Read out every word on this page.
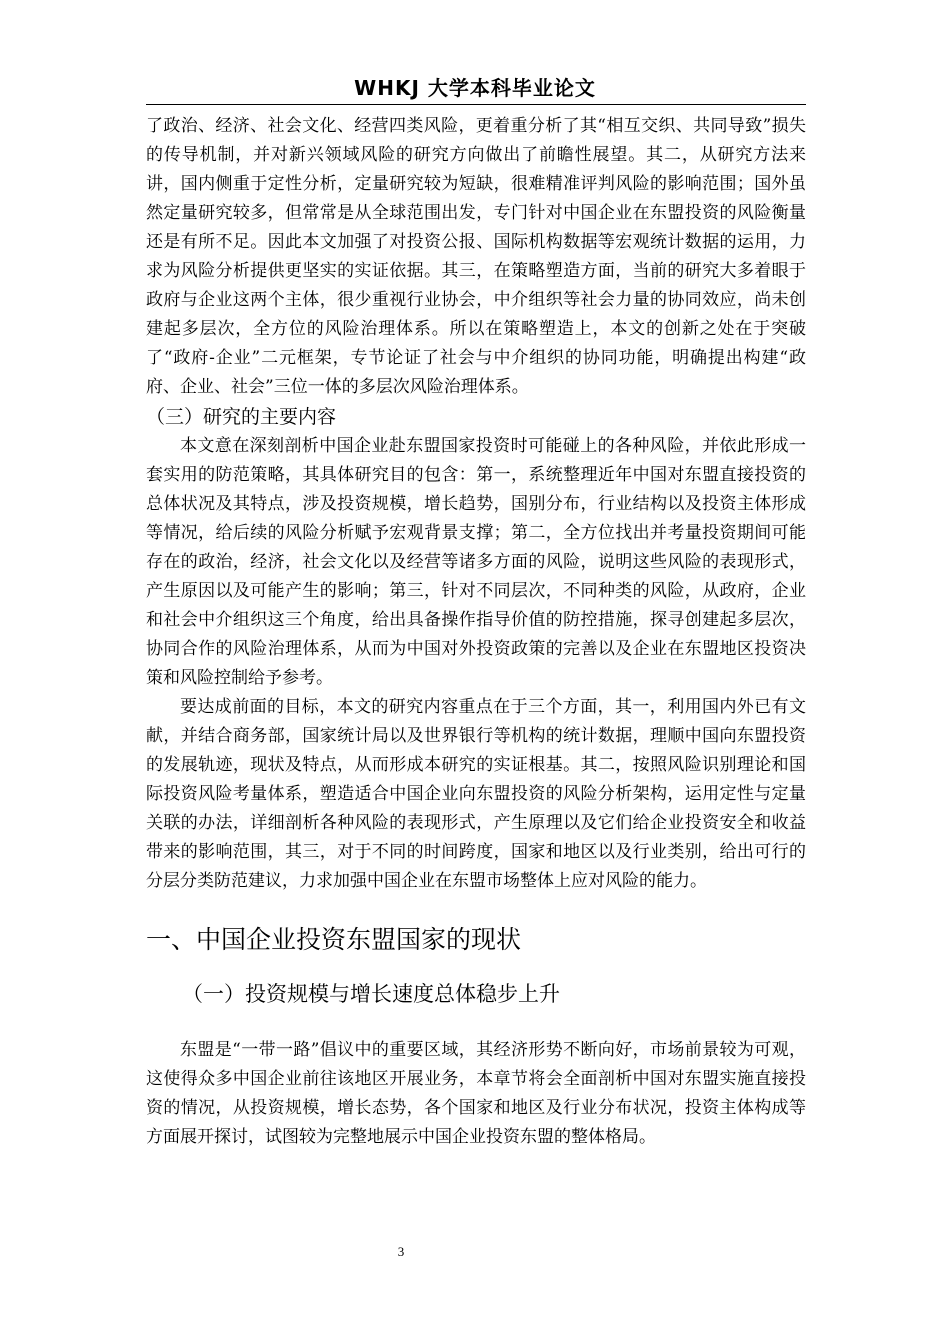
WHKJ 大学本科毕业论文

了政治、经济、社会文化、经营四类风险，更着重分析了其“相互交织、共同导致”损失的传导机制，并对新兴领域风险的研究方向做出了前瞻性展望。其二，从研究方法来讲，国内侧重于定性分析，定量研究较为短缺，很难精准评判风险的影响范围；国外虽然定量研究较多，但常常是从全球范围出发，专门针对中国企业在东盟投资的风险衡量还是有所不足。因此本文加强了对投资公报、国际机构数据等宏观统计数据的运用，力求为风险分析提供更坚实的实证依据。其三，在策略塑造方面，当前的研究大多着眼于政府与企业这两个主体，很少重视行业协会，中介组织等社会力量的协同效应，尚未创建起多层次，全方位的风险治理体系。所以在策略塑造上，本文的创新之处在于突破了“政府-企业”二元框架，专节论证了社会与中介组织的协同功能，明确提出构建“政府、企业、社会”三位一体的多层次风险治理体系。

（三）研究的主要内容

本文意在深刻剖析中国企业赴东盟国家投资时可能碰上的各种风险，并依此形成一套实用的防范策略，其具体研究目的包含：第一，系统整理近年中国对东盟直接投资的总体状况及其特点，涉及投资规模，增长趋势，国别分布，行业结构以及投资主体形成等情况，给后续的风险分析赋予宏观背景支撑；第二，全方位找出并考量投资期间可能存在的政治，经济，社会文化以及经营等诸多方面的风险，说明这些风险的表现形式，产生原因以及可能产生的影响；第三，针对不同层次，不同种类的风险，从政府，企业和社会中介组织这三个角度，给出具备操作指导价值的防控措施，探寻创建起多层次，协同合作的风险治理体系，从而为中国对外投资政策的完善以及企业在东盟地区投资决策和风险控制给予参考。

要达成前面的目标，本文的研究内容重点在于三个方面，其一，利用国内外已有文献，并结合商务部，国家统计局以及世界银行等机构的统计数据，理顺中国向东盟投资的发展轨迹，现状及特点，从而形成本研究的实证根基。其二，按照风险识别理论和国际投资风险考量体系，塑造适合中国企业向东盟投资的风险分析架构，运用定性与定量关联的办法，详细剖析各种风险的表现形式，产生原理以及它们给企业投资安全和收益带来的影响范围，其三，对于不同的时间跨度，国家和地区以及行业类别，给出可行的分层分类防范建议，力求加强中国企业在东盟市场整体上应对风险的能力。

一、中国企业投资东盟国家的现状
（一）投资规模与增长速度总体稳步上升

东盟是“一带一路”倡议中的重要区域，其经济形势不断向好，市场前景较为可观，这使得众多中国企业前往该地区开展业务，本章节将会全面剖析中国对东盟实施直接投资的情况，从投资规模，增长态势，各个国家和地区及行业分布状况，投资主体构成等方面展开探讨，试图较为完整地展示中国企业投资东盟的整体格局。

3
